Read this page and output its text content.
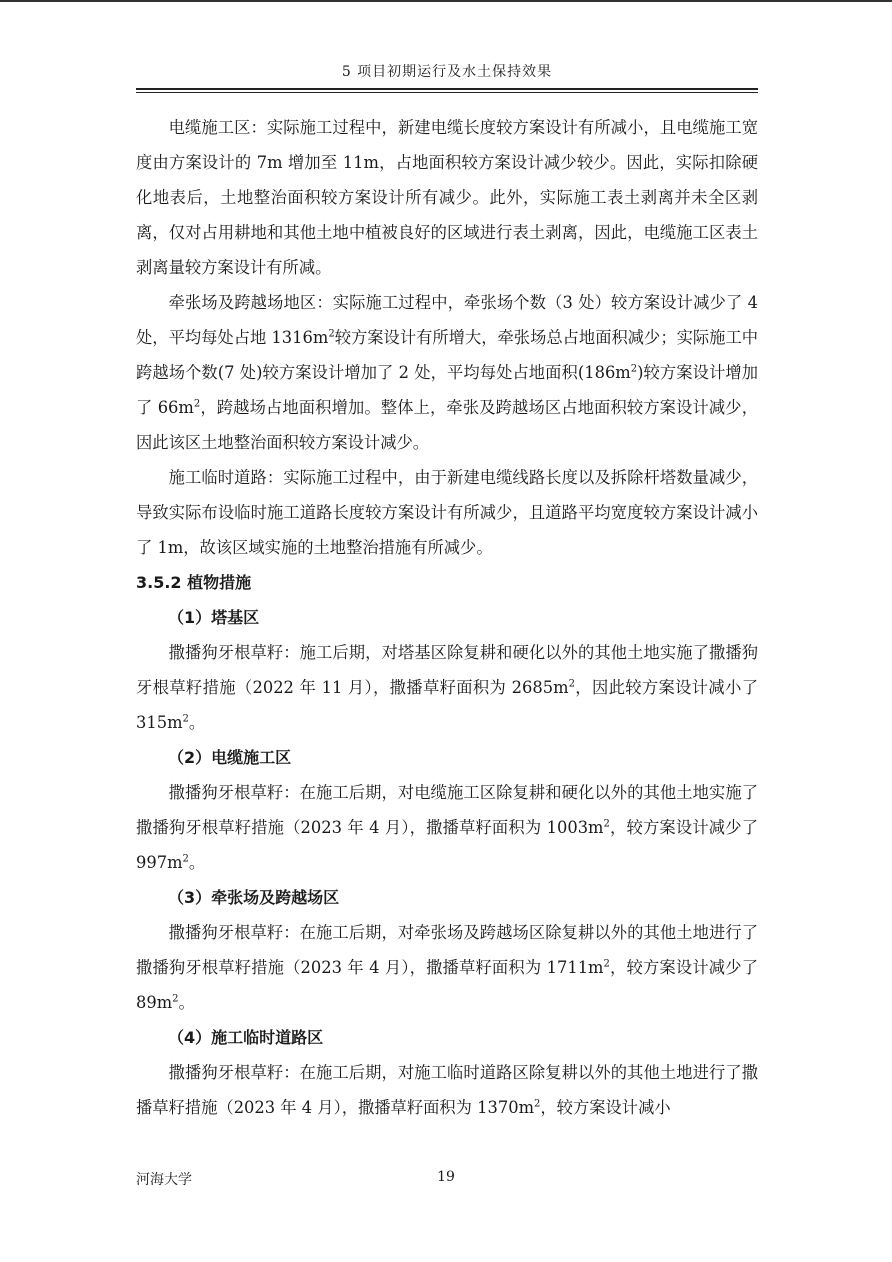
5 项目初期运行及水土保持效果

电缆施工区：实际施工过程中，新建电缆长度较方案设计有所减小，且电缆施工宽度由方案设计的 7m 增加至 11m，占地面积较方案设计减少较少。因此，实际扣除硬化地表后，土地整治面积较方案设计所有减少。此外，实际施工表土剥离并未全区剥离，仅对占用耕地和其他土地中植被良好的区域进行表土剥离，因此，电缆施工区表土剥离量较方案设计有所减。

牵张场及跨越场地区：实际施工过程中，牵张场个数（3 处）较方案设计减少了 4 处，平均每处占地 $1316m^2$较方案设计有所增大，牵张场总占地面积减少；实际施工中跨越场个数(7 处)较方案设计增加了 2 处，平均每处占地面积$(186m^2)$较方案设计增加了 $66m^2$，跨越场占地面积增加。整体上，牵张及跨越场区占地面积较方案设计减少，因此该区土地整治面积较方案设计减少。

施工临时道路：实际施工过程中，由于新建电缆线路长度以及拆除杆塔数量减少，导致实际布设临时施工道路长度较方案设计有所减少，且道路平均宽度较方案设计减小了 1m，故该区域实施的土地整治措施有所减少。

3.5.2 植物措施

（1）塔基区

撒播狗牙根草籽：施工后期，对塔基区除复耕和硬化以外的其他土地实施了撒播狗牙根草籽措施（2022 年 11 月），撒播草籽面积为 $2685m^2$，因此较方案设计减小了 $315m^2$。

（2）电缆施工区

撒播狗牙根草籽：在施工后期，对电缆施工区除复耕和硬化以外的其他土地实施了撒播狗牙根草籽措施（2023 年 4 月），撒播草籽面积为 $1003m^2$，较方案设计减少了 $997m^2$。

（3）牵张场及跨越场区

撒播狗牙根草籽：在施工后期，对牵张场及跨越场区除复耕以外的其他土地进行了撒播狗牙根草籽措施（2023 年 4 月），撒播草籽面积为 $1711m^2$，较方案设计减少了 $89m^2$。

（4）施工临时道路区

撒播狗牙根草籽：在施工后期，对施工临时道路区除复耕以外的其他土地进行了撒播草籽措施（2023 年 4 月），撒播草籽面积为 $1370m^2$，较方案设计减小

河海大学	19
